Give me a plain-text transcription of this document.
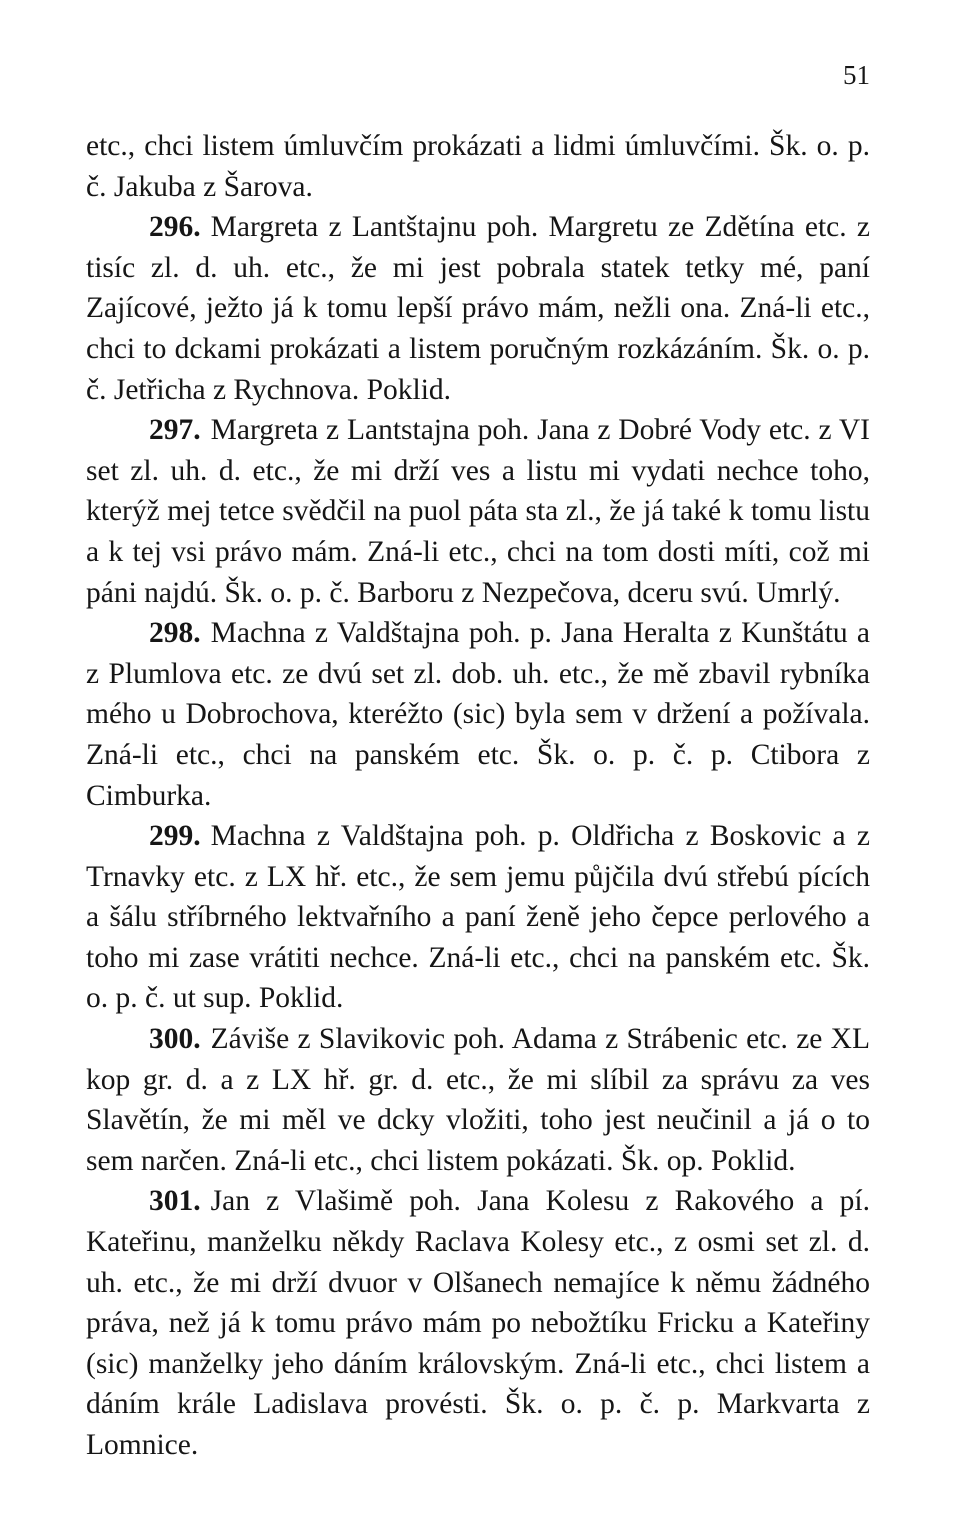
51

etc., chci listem úmluvčím prokázati a lidmi úmluvčími. Šk. o. p. č. Jakuba z Šarova.

296. Margreta z Lantštajnu poh. Margretu ze Zdětína etc. z tisíc zl. d. uh. etc., že mi jest pobrala statek tetky mé, paní Zajícové, ježto já k tomu lepší právo mám, nežli ona. Zná-li etc., chci to dckami prokázati a listem poručným rozkázáním. Šk. o. p. č. Jetřicha z Rychnova. Poklid.

297. Margreta z Lantstajna poh. Jana z Dobré Vody etc. z VI set zl. uh. d. etc., že mi drží ves a listu mi vydati nechce toho, kterýž mej tetce svědčil na puol páta sta zl., že já také k tomu listu a k tej vsi právo mám. Zná-li etc., chci na tom dosti míti, což mi páni najdú. Šk. o. p. č. Barboru z Nezpečova, dceru svú. Umrlý.

298. Machna z Valdštajna poh. p. Jana Heralta z Kunštátu a z Plumlova etc. ze dvú set zl. dob. uh. etc., že mě zbavil rybníka mého u Dobrochova, kteréžto (sic) byla sem v držení a požívala. Zná-li etc., chci na panském etc. Šk. o. p. č. p. Ctibora z Cimburka.

299. Machna z Valdštajna poh. p. Oldřicha z Boskovic a z Trnavky etc. z LX hř. etc., že sem jemu půjčila dvú střebú pících a šálu stříbrného lektvařního a paní ženě jeho čepce perlového a toho mi zase vrátiti nechce. Zná-li etc., chci na panském etc. Šk. o. p. č. ut sup. Poklid.

300. Záviše z Slavikovic poh. Adama z Strábenic etc. ze XL kop gr. d. a z LX hř. gr. d. etc., že mi slíbil za správu za ves Slavětín, že mi měl ve dcky vložiti, toho jest neučinil a já o to sem narčen. Zná-li etc., chci listem pokázati. Šk. op. Poklid.

301. Jan z Vlašimě poh. Jana Kolesu z Rakového a pí. Kateřinu, manželku někdy Raclava Kolesy etc., z osmi set zl. d. uh. etc., že mi drží dvuor v Olšanech nemajíce k němu žádného práva, než já k tomu právo mám po nebožtíku Fricku a Kateřiny (sic) manželky jeho dáním královským. Zná-li etc., chci listem a dáním krále Ladislava provésti. Šk. o. p. č. p. Markvarta z Lomnice.
